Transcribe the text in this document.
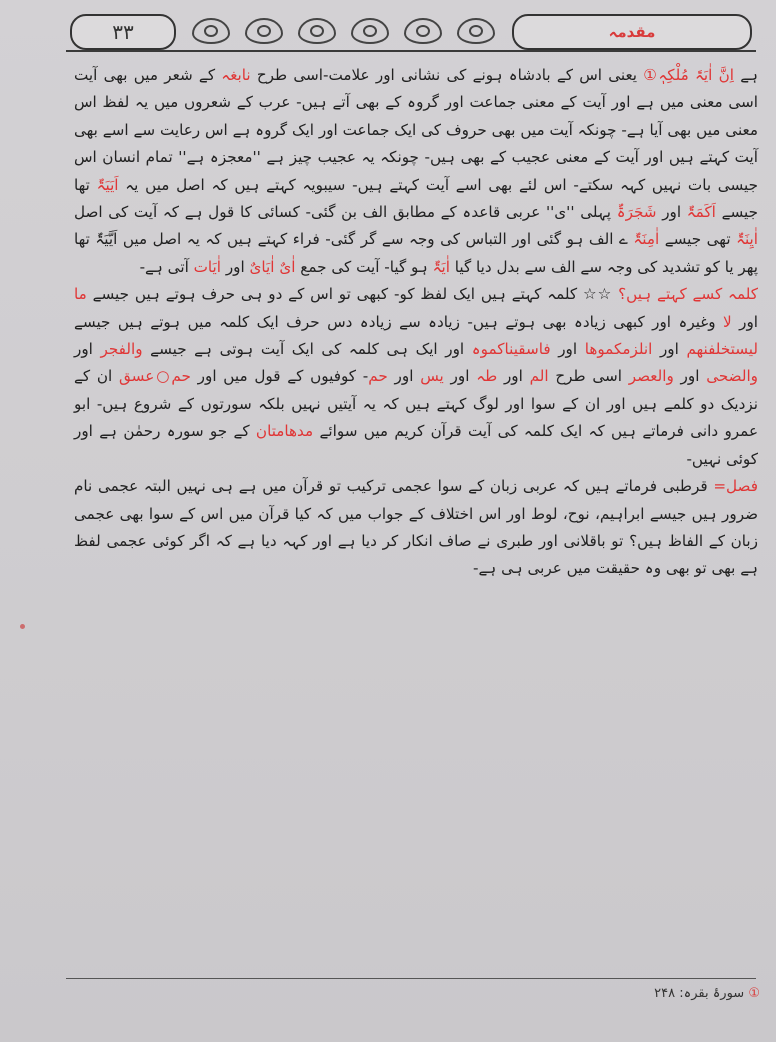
۳۳	مقدمہ

ہے اِنَّ اٰیَۃَ مُلْکِہٖ① یعنی اس کے بادشاہ ہونے کی نشانی اور علامت-اسی طرح نابغہ کے شعر میں بھی آیت اسی معنی میں ہے اور آیت کے معنی جماعت اور گروہ کے بھی آتے ہیں- عرب کے شعروں میں یہ لفظ اس معنی میں بھی آیا ہے- چونکہ آیت میں بھی حروف کی ایک جماعت اور ایک گروہ ہے اس رعایت سے اسے بھی آیت کہتے ہیں اور آیت کے معنی عجیب کے بھی ہیں- چونکہ یہ عجیب چیز ہے ''معجزہ ہے'' تمام انسان اس جیسی بات نہیں کہہ سکتے- اس لئے بھی اسے آیت کہتے ہیں- سیبویہ کہتے ہیں کہ اصل میں یہ اَیَیَۃٌ تھا جیسے اَکَمَۃٌ اور شَجَرَۃٌ پہلی ''ی'' عربی قاعدہ کے مطابق الف بن گئی- کسائی کا قول ہے کہ آیت کی اصل اٰیِنَۃٌ تھی جیسے اٰمِنَۃٌ ے الف ہو گئی اور التباس کی وجہ سے گر گئی- فراء کہتے ہیں کہ یہ اصل میں اَیَّیَۃٌ تھا پھر یا کو تشدید کی وجہ سے الف سے بدل دیا گیا اٰیَۃٌ ہو گیا- آیت کی جمع اٰیٌ اٰیَایٌ اور اٰیَات آتی ہے-

کلمہ کسے کہتے ہیں؟ ☆☆ کلمہ کہتے ہیں ایک لفظ کو- کبھی تو اس کے دو ہی حرف ہوتے ہیں جیسے ما اور لا وغیرہ اور کبھی زیادہ بھی ہوتے ہیں- زیادہ سے زیادہ دس حرف ایک کلمہ میں ہوتے ہیں جیسے لیستخلفنھم اور انلزمکموھا اور فاسقیناکموہ اور ایک ہی کلمہ کی ایک آیت ہوتی ہے جیسے والفجر اور والضحی اور والعصر اسی طرح الم اور طہ اور یس اور حم- کوفیوں کے قول میں اور حم○عسق ان کے نزدیک دو کلمے ہیں اور ان کے سوا اور لوگ کہتے ہیں کہ یہ آیتیں نہیں بلکہ سورتوں کے شروع ہیں- ابو عمرو دانی فرماتے ہیں کہ ایک کلمہ کی آیت قرآن کریم میں سوائے مدھامتان کے جو سورہ رحمٰن ہے اور کوئی نہیں-

فصل= قرطبی فرماتے ہیں کہ عربی زبان کے سوا عجمی ترکیب تو قرآن میں ہے ہی نہیں البتہ عجمی نام ضرور ہیں جیسے ابراہیم، نوح، لوط اور اس اختلاف کے جواب میں کہ کیا قرآن میں اس کے سوا بھی عجمی زبان کے الفاظ ہیں؟ تو باقلانی اور طبری نے صاف انکار کر دیا ہے اور کہہ دیا ہے کہ اگر کوئی عجمی لفظ ہے بھی تو بھی وہ حقیقت میں عربی ہی ہے-

① سورۂ بقرہ: ۲۴۸
